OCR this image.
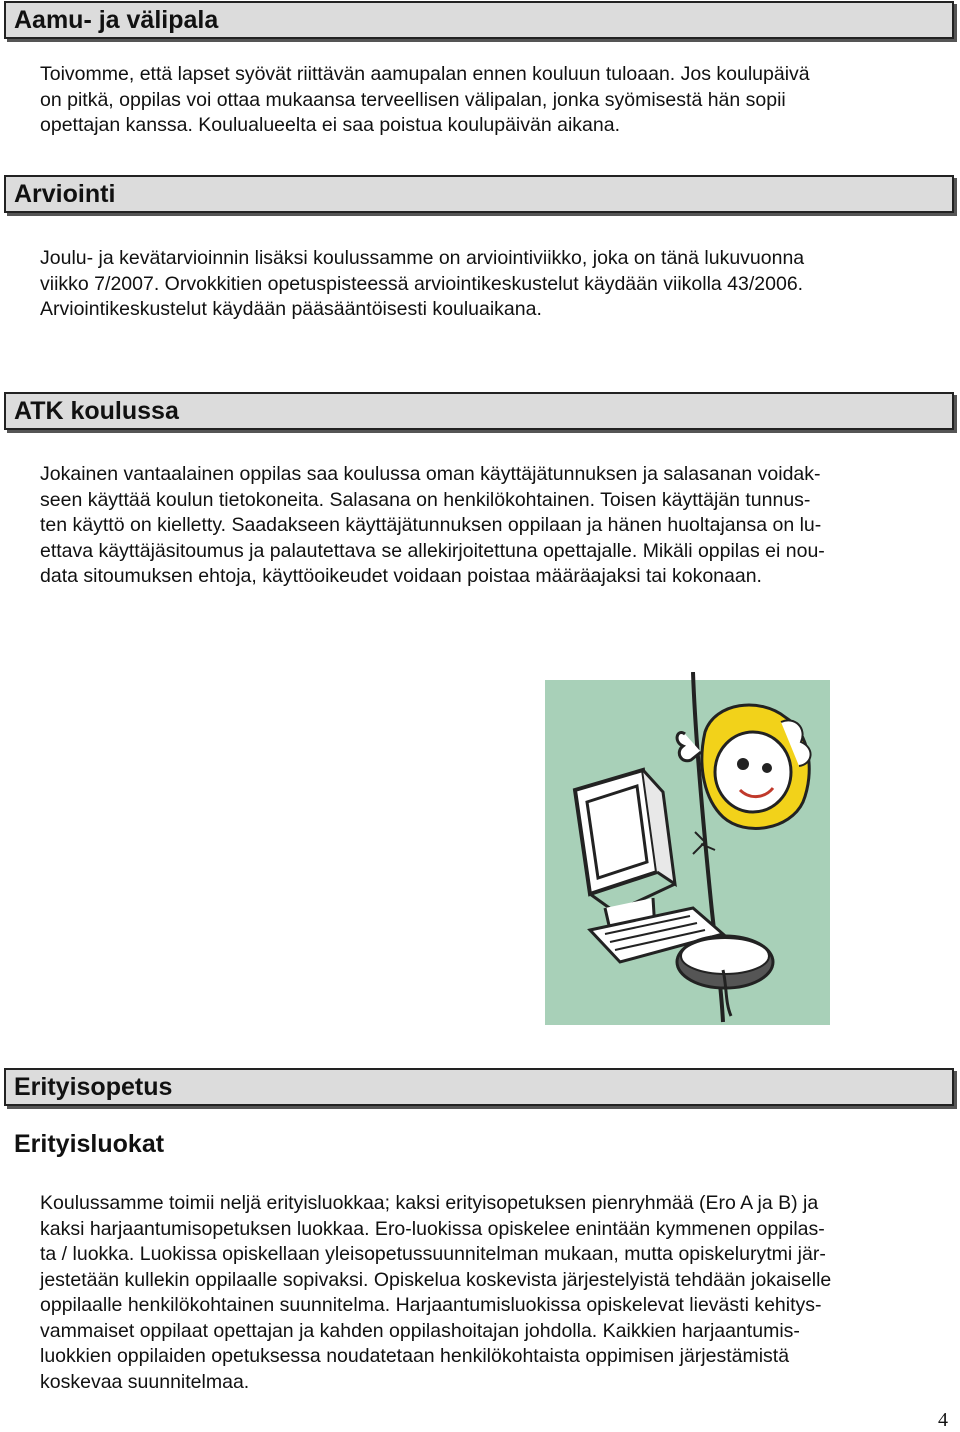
Aamu- ja välipala

Toivomme, että lapset syövät riittävän aamupalan ennen kouluun tuloaan. Jos koulupäivä
on pitkä, oppilas voi ottaa mukaansa terveellisen välipalan, jonka syömisestä hän sopii
opettajan kanssa. Koulualueelta ei saa poistua koulupäivän aikana.

Arviointi

Joulu- ja kevätarvioinnin lisäksi koulussamme on arviointiviikko, joka on tänä lukuvuonna
viikko 7/2007. Orvokkitien opetuspisteessä arviointikeskustelut käydään viikolla 43/2006.
Arviointikeskustelut käydään pääsääntöisesti kouluaikana.

ATK koulussa

Jokainen vantaalainen oppilas saa koulussa oman käyttäjätunnuksen ja salasanan voidak-
seen käyttää koulun tietokoneita. Salasana on henkilökohtainen. Toisen käyttäjän tunnus-
ten käyttö on kielletty. Saadakseen käyttäjätunnuksen oppilaan ja hänen huoltajansa on lu-
ettava käyttäjäsitoumus ja palautettava se allekirjoitettuna opettajalle. Mikäli oppilas ei nou-
data sitoumuksen ehtoja, käyttöoikeudet voidaan poistaa määräajaksi tai kokonaan.

Erityisopetus
Erityisluokat

Koulussamme toimii neljä erityisluokkaa; kaksi erityisopetuksen pienryhmää (Ero A ja B) ja
kaksi harjaantumisopetuksen luokkaa. Ero-luokissa opiskelee enintään kymmenen oppilas-
ta / luokka. Luokissa opiskellaan yleisopetussuunnitelman mukaan, mutta opiskelurytmi jär-
jestetään kullekin oppilaalle sopivaksi. Opiskelua koskevista järjestelyistä tehdään jokaiselle
oppilaalle henkilökohtainen suunnitelma. Harjaantumisluokissa opiskelevat lievästi kehitys-
vammaiset oppilaat opettajan ja kahden oppilashoitajan johdolla. Kaikkien harjaantumis-
luokkien oppilaiden opetuksessa noudatetaan henkilökohtaista oppimisen järjestämistä
koskevaa suunnitelmaa.

4
